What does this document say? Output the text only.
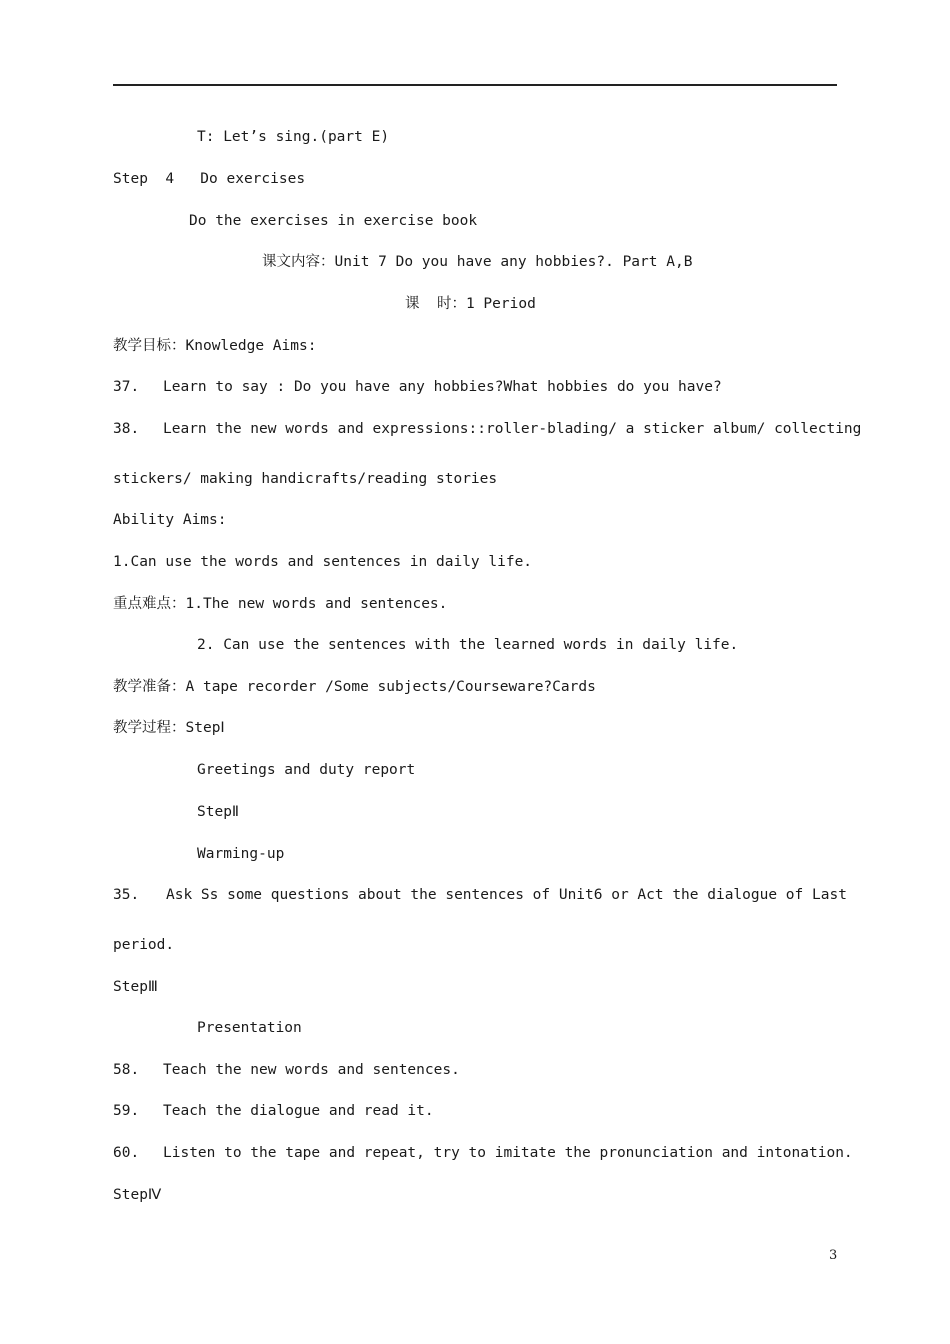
T: Let’s sing.(part E)
Step  4   Do exercises
Do the exercises in exercise book
课文内容：Unit 7 Do you have any hobbies?. Part A,B
课  时：1 Period
教学目标：Knowledge Aims:
37. Learn to say : Do you have any hobbies?What hobbies do you have?
38. Learn the new words and expressions::roller-blading/ a sticker album/ collecting
stickers/ making handicrafts/reading stories
Ability Aims:
1.Can use the words and sentences in daily life.
重点难点：1.The new words and sentences.
2. Can use the sentences with the learned words in daily life.
教学准备：A tape recorder /Some subjects/Courseware?Cards
教学过程：StepⅠ
Greetings and duty report
StepⅡ
Warming-up
35. Ask Ss some questions about the sentences of Unit6 or Act the dialogue of Last
period.
StepⅢ
Presentation
58. Teach the new words and sentences.
59. Teach the dialogue and read it.
60. Listen to the tape and repeat, try to imitate the pronunciation and intonation.
StepⅣ
3
